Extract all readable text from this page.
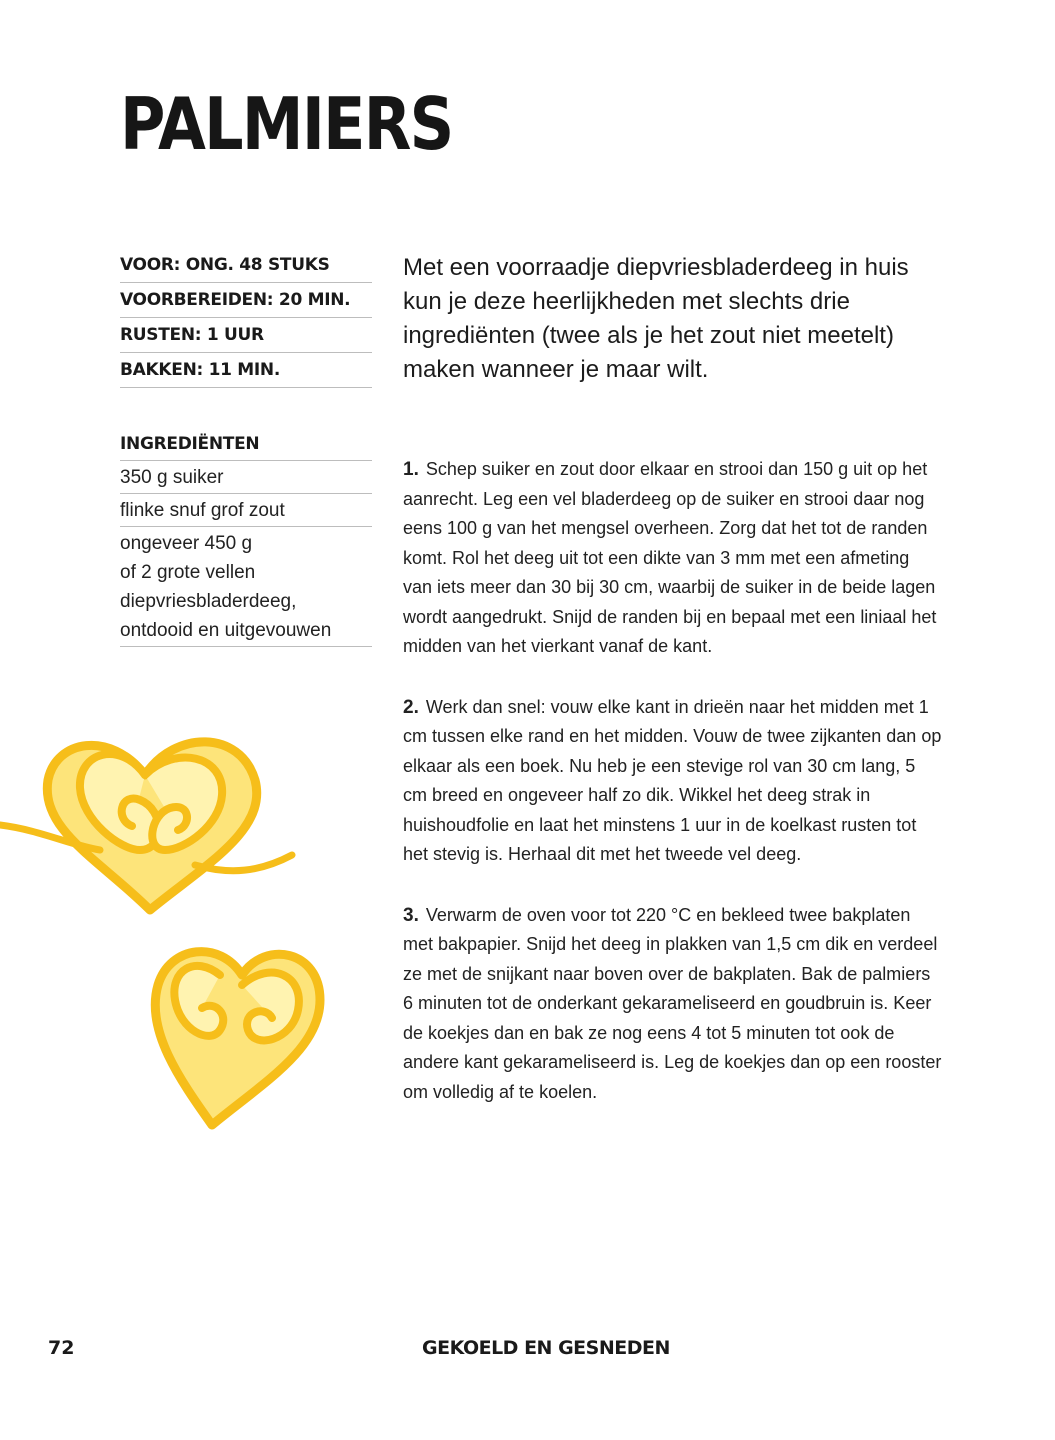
PALMIERS
VOOR: ONG. 48 STUKS
VOORBEREIDEN: 20 MIN.
RUSTEN: 1 UUR
BAKKEN: 11 MIN.
INGREDIËNTEN
350 g suiker
flinke snuf grof zout
ongeveer 450 g
of 2 grote vellen
diepvriesbladerdeeg,
ontdooid en uitgevouwen

Met een voorraadje diepvriesbladerdeeg in huis kun je deze heerlijkheden met slechts drie ingrediënten (twee als je het zout niet meetelt) maken wanneer je maar wilt.

1. Schep suiker en zout door elkaar en strooi dan 150 g uit op het aanrecht. Leg een vel bladerdeeg op de suiker en strooi daar nog eens 100 g van het mengsel overheen. Zorg dat het tot de randen komt. Rol het deeg uit tot een dikte van 3 mm met een afmeting van iets meer dan 30 bij 30 cm, waarbij de suiker in de beide lagen wordt aangedrukt. Snijd de randen bij en bepaal met een liniaal het midden van het vierkant vanaf de kant.

2. Werk dan snel: vouw elke kant in drieën naar het midden met 1 cm tussen elke rand en het midden. Vouw de twee zijkanten dan op elkaar als een boek. Nu heb je een stevige rol van 30 cm lang, 5 cm breed en ongeveer half zo dik. Wikkel het deeg strak in huishoudfolie en laat het minstens 1 uur in de koelkast rusten tot het stevig is. Herhaal dit met het tweede vel deeg.

3. Verwarm de oven voor tot 220 °C en bekleed twee bakplaten met bakpapier. Snijd het deeg in plakken van 1,5 cm dik en verdeel ze met de snijkant naar boven over de bakplaten. Bak de palmiers 6 minuten tot de onderkant gekarameliseerd en goudbruin is. Keer de koekjes dan en bak ze nog eens 4 tot 5 minuten tot ook de andere kant gekarameliseerd is. Leg de koekjes dan op een rooster om volledig af te koelen.

72	GEKOELD EN GESNEDEN
